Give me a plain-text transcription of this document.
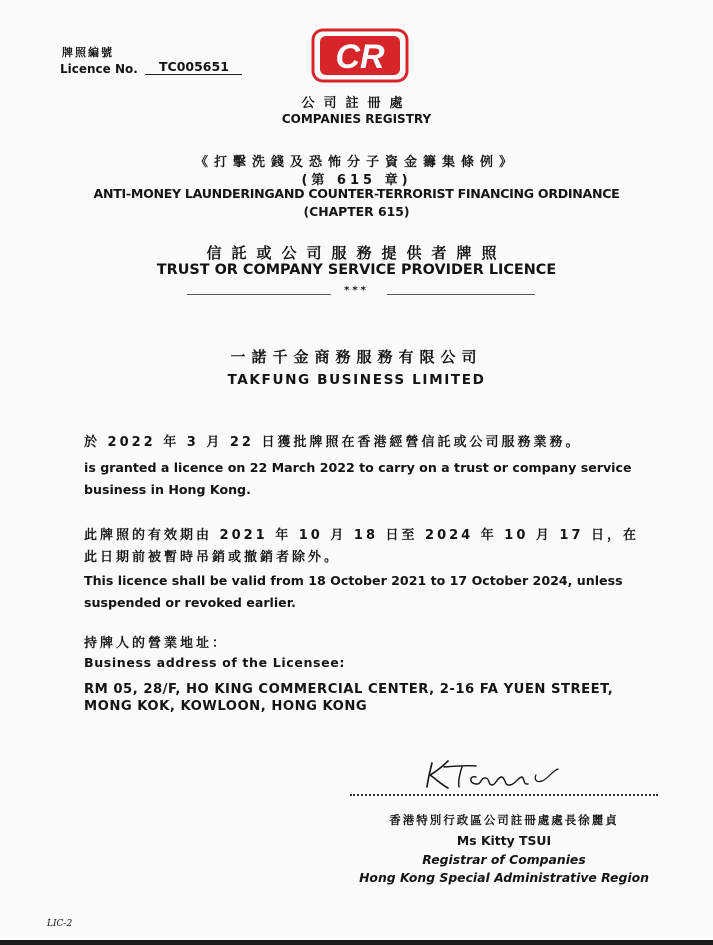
牌照編號
Licence No.	TC005651	CR
公司註冊處
COMPANIES REGISTRY
《打擊洗錢及恐怖分子資金籌集條例》
(第 615 章)
ANTI-MONEY LAUNDERINGAND COUNTER-TERRORIST FINANCING ORDINANCE
(CHAPTER 615)
信託或公司服務提供者牌照
TRUST OR COMPANY SERVICE PROVIDER LICENCE
***
一諾千金商務服務有限公司
TAKFUNG BUSINESS LIMITED
於 2022 年 3 月 22 日獲批牌照在香港經營信託或公司服務業務。
is granted a licence on 22 March 2022 to carry on a trust or company service
business in Hong Kong.
此牌照的有效期由 2021 年 10 月 18 日至 2024 年 10 月 17 日，在
此日期前被暫時吊銷或撤銷者除外。
This licence shall be valid from 18 October 2021 to 17 October 2024, unless
suspended or revoked earlier.
持牌人的營業地址：
Business address of the Licensee:
RM 05, 28/F, HO KING COMMERCIAL CENTER, 2-16 FA YUEN STREET,
MONG KOK, KOWLOON, HONG KONG
香港特別行政區公司註冊處處長徐麗貞
Ms Kitty TSUI
Registrar of Companies
Hong Kong Special Administrative Region
LIC-2
